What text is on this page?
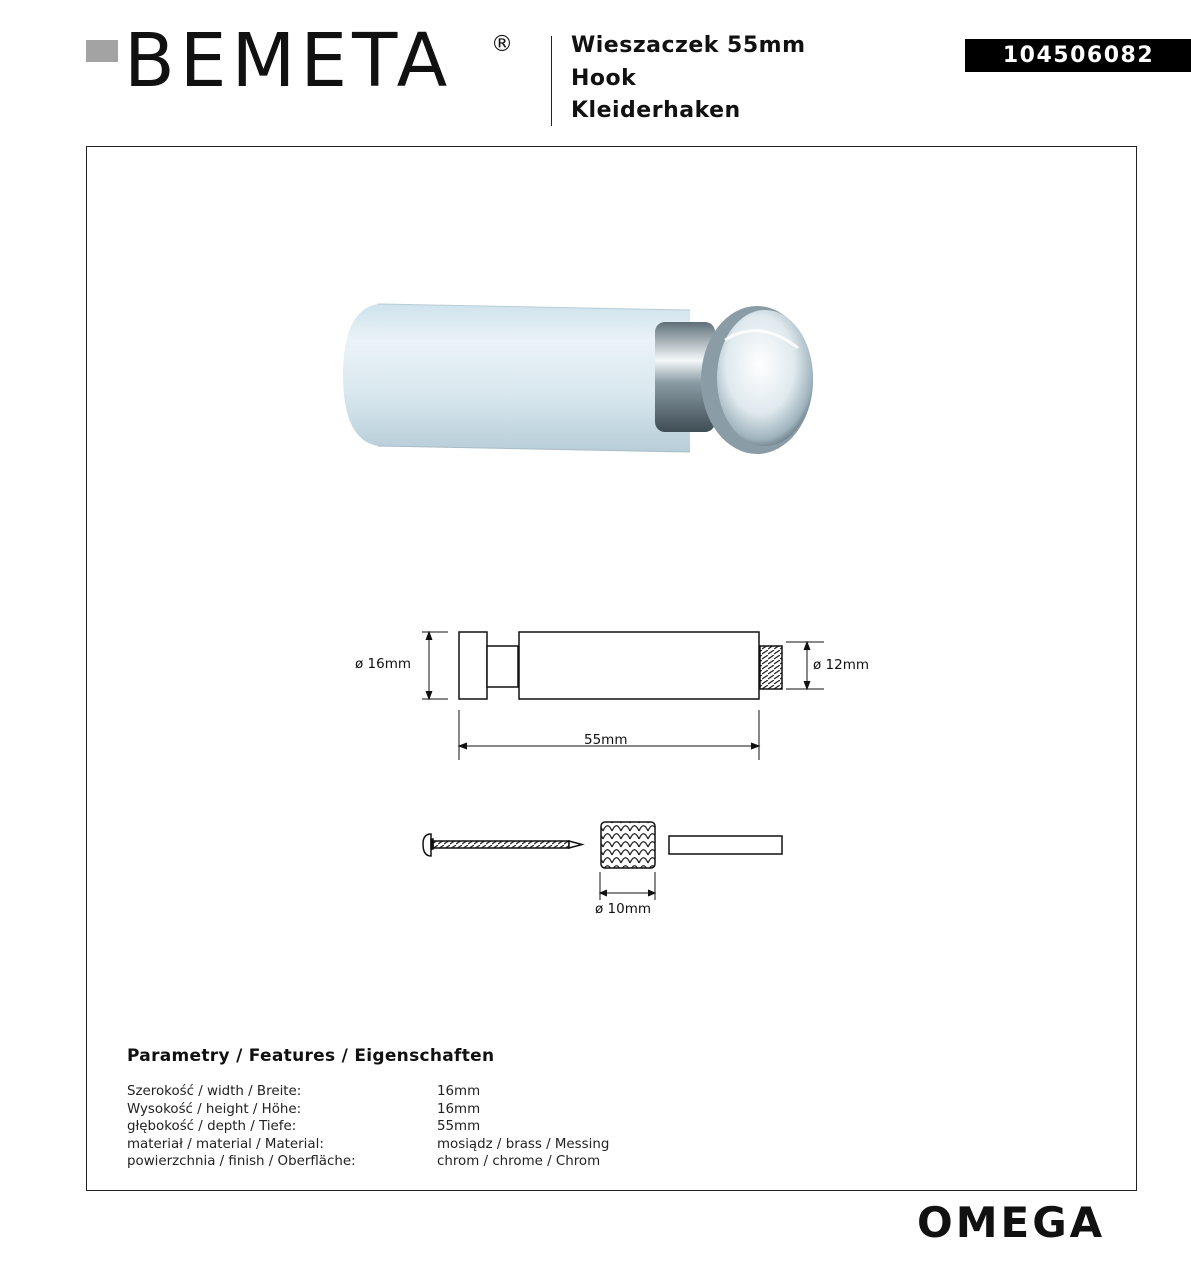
BEMETA ®	Wieszaczek 55mm
Hook
Kleiderhaken
104506082
ø 16mm	ø 12mm
55mm
ø 10mm
Parametry / Features / Eigenschaften
Szerokość / width / Breite:	16mm
Wysokość / height / Höhe:	16mm
głębokość / depth / Tiefe:	55mm
materiał / material / Material:	mosiądz / brass / Messing
powierzchnia / finish / Oberfläche:	chrom / chrome / Chrom
OMEGA
